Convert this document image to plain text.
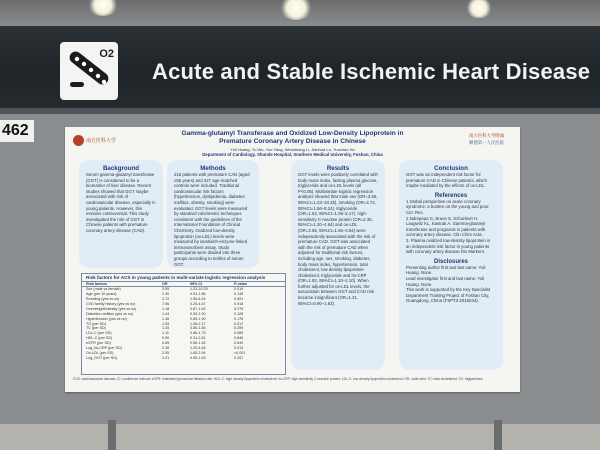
O2
Acute and Stable Ischemic Heart Disease
462
南方医科大学
南方医科大学附属
顺德第一人民医院
Gamma-glutamyl Transferase and Oxidized Low-Density Lipoprotein in
Premature Coronary Artery Disease in Chinese
Yuli Huang, Yu Wu, Yuo Yang, Wenshiang Li, Jianhua Lu, Yunzhao Hu
Department of Cardiology, Shunde Hospital, Southern Medical University, Foshan, China
Background

Serum gamma-glutamyl transferase (GGT) is considered to be a biomarker of liver disease. Recent studies showed that GGT maybe associated with risk of cardiovascular disease, especially in young patients. However, this remains controversial. This study investigated the role of GGT in Chinese patients with premature coronary artery disease (CAD).

Methods

216 patients with premature CAD (aged ≤55 years) and 227 age-matched controls were included. Traditional cardiovascular risk factors (hypertension, dyslipidemia, diabetes mellitus, obesity, smoking) were evaluated. GGT levels were measured by standard colorimetric techniques consistent with the guidelines of the International Foundation of Clinical Chemistry. Oxidized low-density lipoprotein (ox-LDL) levels were measured by sandwich-enzyme-linked immunosorbent assay. Study participants were divided into three groups according to tertiles of serum GGT.

Results

GGT levels were positively correlated with body mass index, fasting plasma glucose, triglyceride and ox-LDL levels (all P<0.05). Multivariate logistic regression analysis showed that male sex (OR=3.55, 95%CI=1.23–10.25), smoking (OR=3.72, 95%CI=1.56–8.24), triglyceride (OR=1.53, 95%CI=1.06–2.17), high-sensitivity C-reactive protein (OR=2.36, 95%CI=1.20–4.64) and ox-LDL (OR=2.55, 95%CI=1.65–3.94) were independently associated with the risk of premature CAD. GGT was associated with the risk of premature CAD when adjusted for traditional risk factors, including age, sex, smoking, diabetes, body mass index, hypertension, total cholesterol, low density lipoprotein-cholesterol, triglyceride and hs-CRP (OR=1.92, 95%CI=1.10–2.10). When further adjusted for ox-LDL levels, the association between GGT and CAD risk became insignificant (OR=1.21, 95%CI=0.90–1.63).

Conclusion

GGT was an independent risk factor for premature CAD in Chinese patients, which maybe mediated by the effects of ox-LDL.

References

1.Global perspective on acute coronary syndrome: a burden on the young and poor. Circ Res.

2.Ndrepepa G, Braun S, Schunkert H, Laugwitz KL, Kastrati A. Gamma-glutamyl transferase and prognosis in patients with coronary artery disease. Clin Chim Acta.

3. Plasma oxidized low-density lipoprotein is an independent risk factor in young patients with coronary artery disease Dis Markers.

Disclosures

Presenting author first and last name: Yuli Huang. None.

Lead investigator first and last name: Yuli Huang. None.

This work is supported by the Key Specialist Department Training Project of Foshan City, Guangdong, China (FSPT3-2015034).

Risk factors for ACS in young patients in multi-variate logistic regression analysis
Risk factors	OR	95% CI	P-value
Sex (male vs female)	3.55	1.23-10.25	0.019
Age (per 10 years)	1.30	0.91-1.86	0.149
Smoking (yes vs no)	3.72	1.56-8.24	0.001
CVD family history (yes vs no)	7.06	0.25-4.67	0.918
Overweight/obesity (yes vs no)	1.18	0.87-1.63	0.275
Diabetes mellitus (yes vs no)	1.44	0.90-2.30	0.128
Hypertension (yes vs no)	1.36	0.89-1.90	0.175
TG (per SD)	1.53	1.06-2.17	0.017
TC (per SD)	1.25	0.85-1.84	0.259
LDL-C (per SD)	1.11	0.86-1.79	0.089
HDL-C (per SD)	0.90	0.31-2.61	0.846
eGFR (per SD)	0.65	0.56-1.45	0.549
Log_hs-CRP (per SD)	2.36	1.20-4.64	0.013
Ox-LDL (per SD)	2.55	1.65-3.94	<0.001
Log_GGT (per SD)	1.21	0.90-1.63	0.207
CVD: cardiovascular disease; CI: confidence interval; eGFR: estimated glomerular filtration rate; HDL-C: high density lipoprotein cholesterol; hs-CRP: high sensitivity C-reactive protein; LDL-C: low density lipoprotein cholesterol; OR: odds ratio; TC: total cholesterol; TG: triglycerides.
